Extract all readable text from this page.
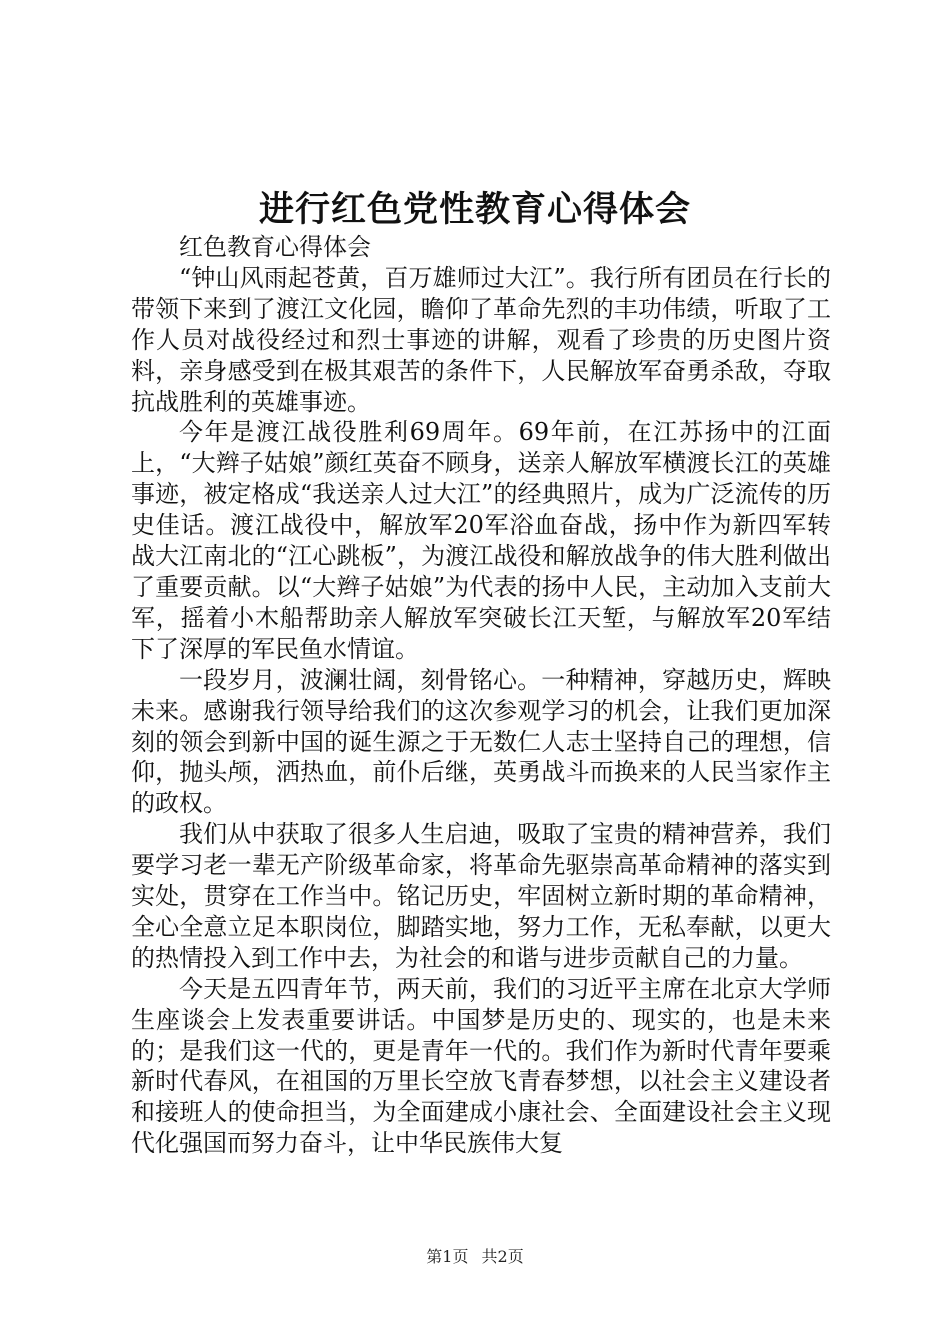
进行红色党性教育心得体会

红色教育心得体会

“钟山风雨起苍黄，百万雄师过大江”。我行所有团员在行长的带领下来到了渡江文化园，瞻仰了革命先烈的丰功伟绩，听取了工作人员对战役经过和烈士事迹的讲解，观看了珍贵的历史图片资料，亲身感受到在极其艰苦的条件下，人民解放军奋勇杀敌，夺取抗战胜利的英雄事迹。

今年是渡江战役胜利69周年。69年前，在江苏扬中的江面上，“大辫子姑娘”颜红英奋不顾身，送亲人解放军横渡长江的英雄事迹，被定格成“我送亲人过大江”的经典照片，成为广泛流传的历史佳话。渡江战役中，解放军20军浴血奋战，扬中作为新四军转战大江南北的“江心跳板”，为渡江战役和解放战争的伟大胜利做出了重要贡献。以“大辫子姑娘”为代表的扬中人民，主动加入支前大军，摇着小木船帮助亲人解放军突破长江天堑，与解放军20军结下了深厚的军民鱼水情谊。

一段岁月，波澜壮阔，刻骨铭心。一种精神，穿越历史，辉映未来。感谢我行领导给我们的这次参观学习的机会，让我们更加深刻的领会到新中国的诞生源之于无数仁人志士坚持自己的理想，信仰，抛头颅，洒热血，前仆后继，英勇战斗而换来的人民当家作主的政权。

我们从中获取了很多人生启迪，吸取了宝贵的精神营养，我们要学习老一辈无产阶级革命家，将革命先驱崇高革命精神的落实到实处，贯穿在工作当中。铭记历史，牢固树立新时期的革命精神，全心全意立足本职岗位，脚踏实地，努力工作，无私奉献，以更大的热情投入到工作中去，为社会的和谐与进步贡献自己的力量。

今天是五四青年节，两天前，我们的习近平主席在北京大学师生座谈会上发表重要讲话。中国梦是历史的、现实的，也是未来的；是我们这一代的，更是青年一代的。我们作为新时代青年要乘新时代春风，在祖国的万里长空放飞青春梦想，以社会主义建设者和接班人的使命担当，为全面建成小康社会、全面建设社会主义现代化强国而努力奋斗，让中华民族伟大复

第1页 共2页
